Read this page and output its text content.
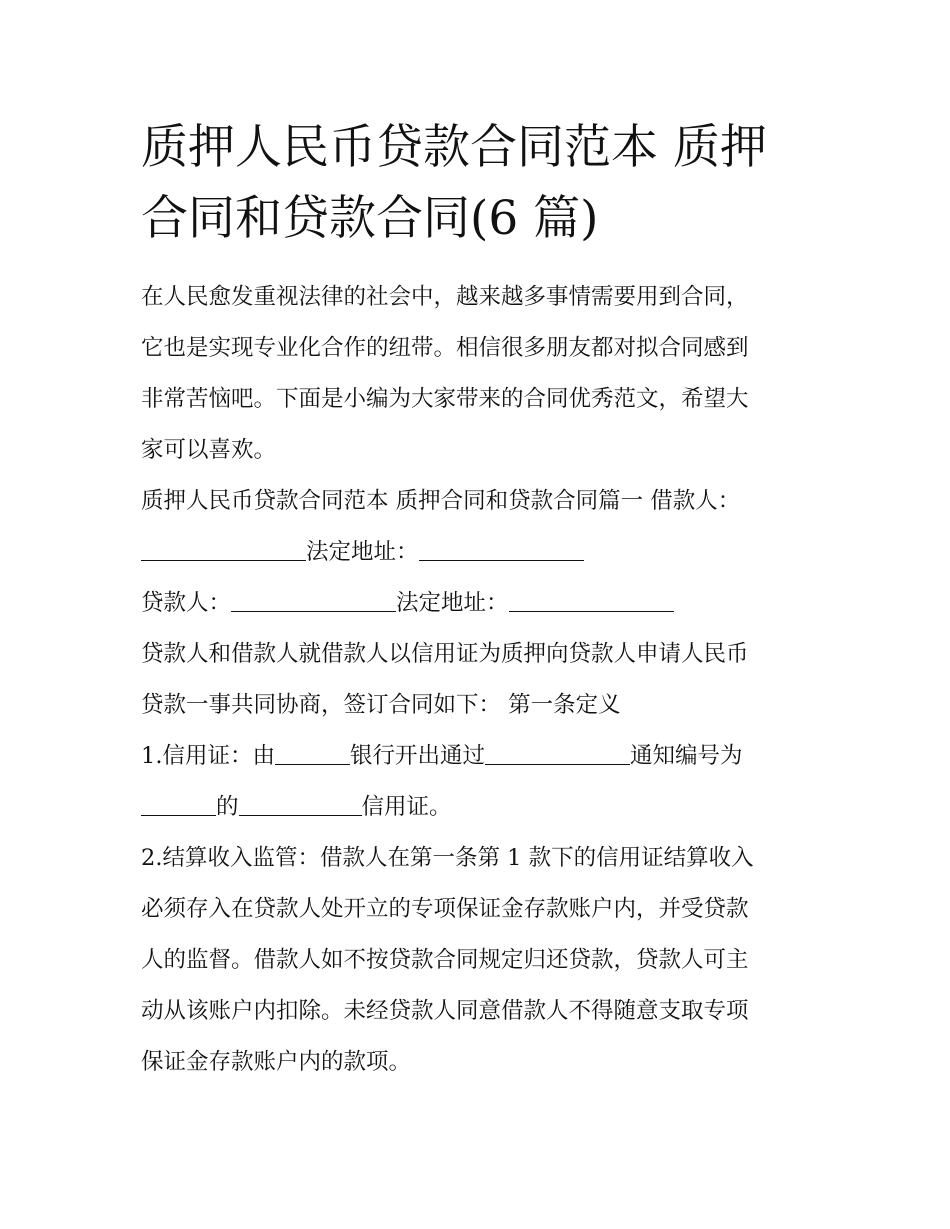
质押人民币贷款合同范本 质押
合同和贷款合同(6 篇)
在人民愈发重视法律的社会中，越来越多事情需要用到合同，
它也是实现专业化合作的纽带。相信很多朋友都对拟合同感到
非常苦恼吧。下面是小编为大家带来的合同优秀范文，希望大
家可以喜欢。
质押人民币贷款合同范本 质押合同和贷款合同篇一 借款人：
法定地址：
贷款人：	法定地址：
贷款人和借款人就借款人以信用证为质押向贷款人申请人民币
贷款一事共同协商，签订合同如下： 第一条定义
1.信用证：由	银行开出通过	通知编号为
的	信用证。
2.结算收入监管：借款人在第一条第 1 款下的信用证结算收入
必须存入在贷款人处开立的专项保证金存款账户内，并受贷款
人的监督。借款人如不按贷款合同规定归还贷款，贷款人可主
动从该账户内扣除。未经贷款人同意借款人不得随意支取专项
保证金存款账户内的款项。
